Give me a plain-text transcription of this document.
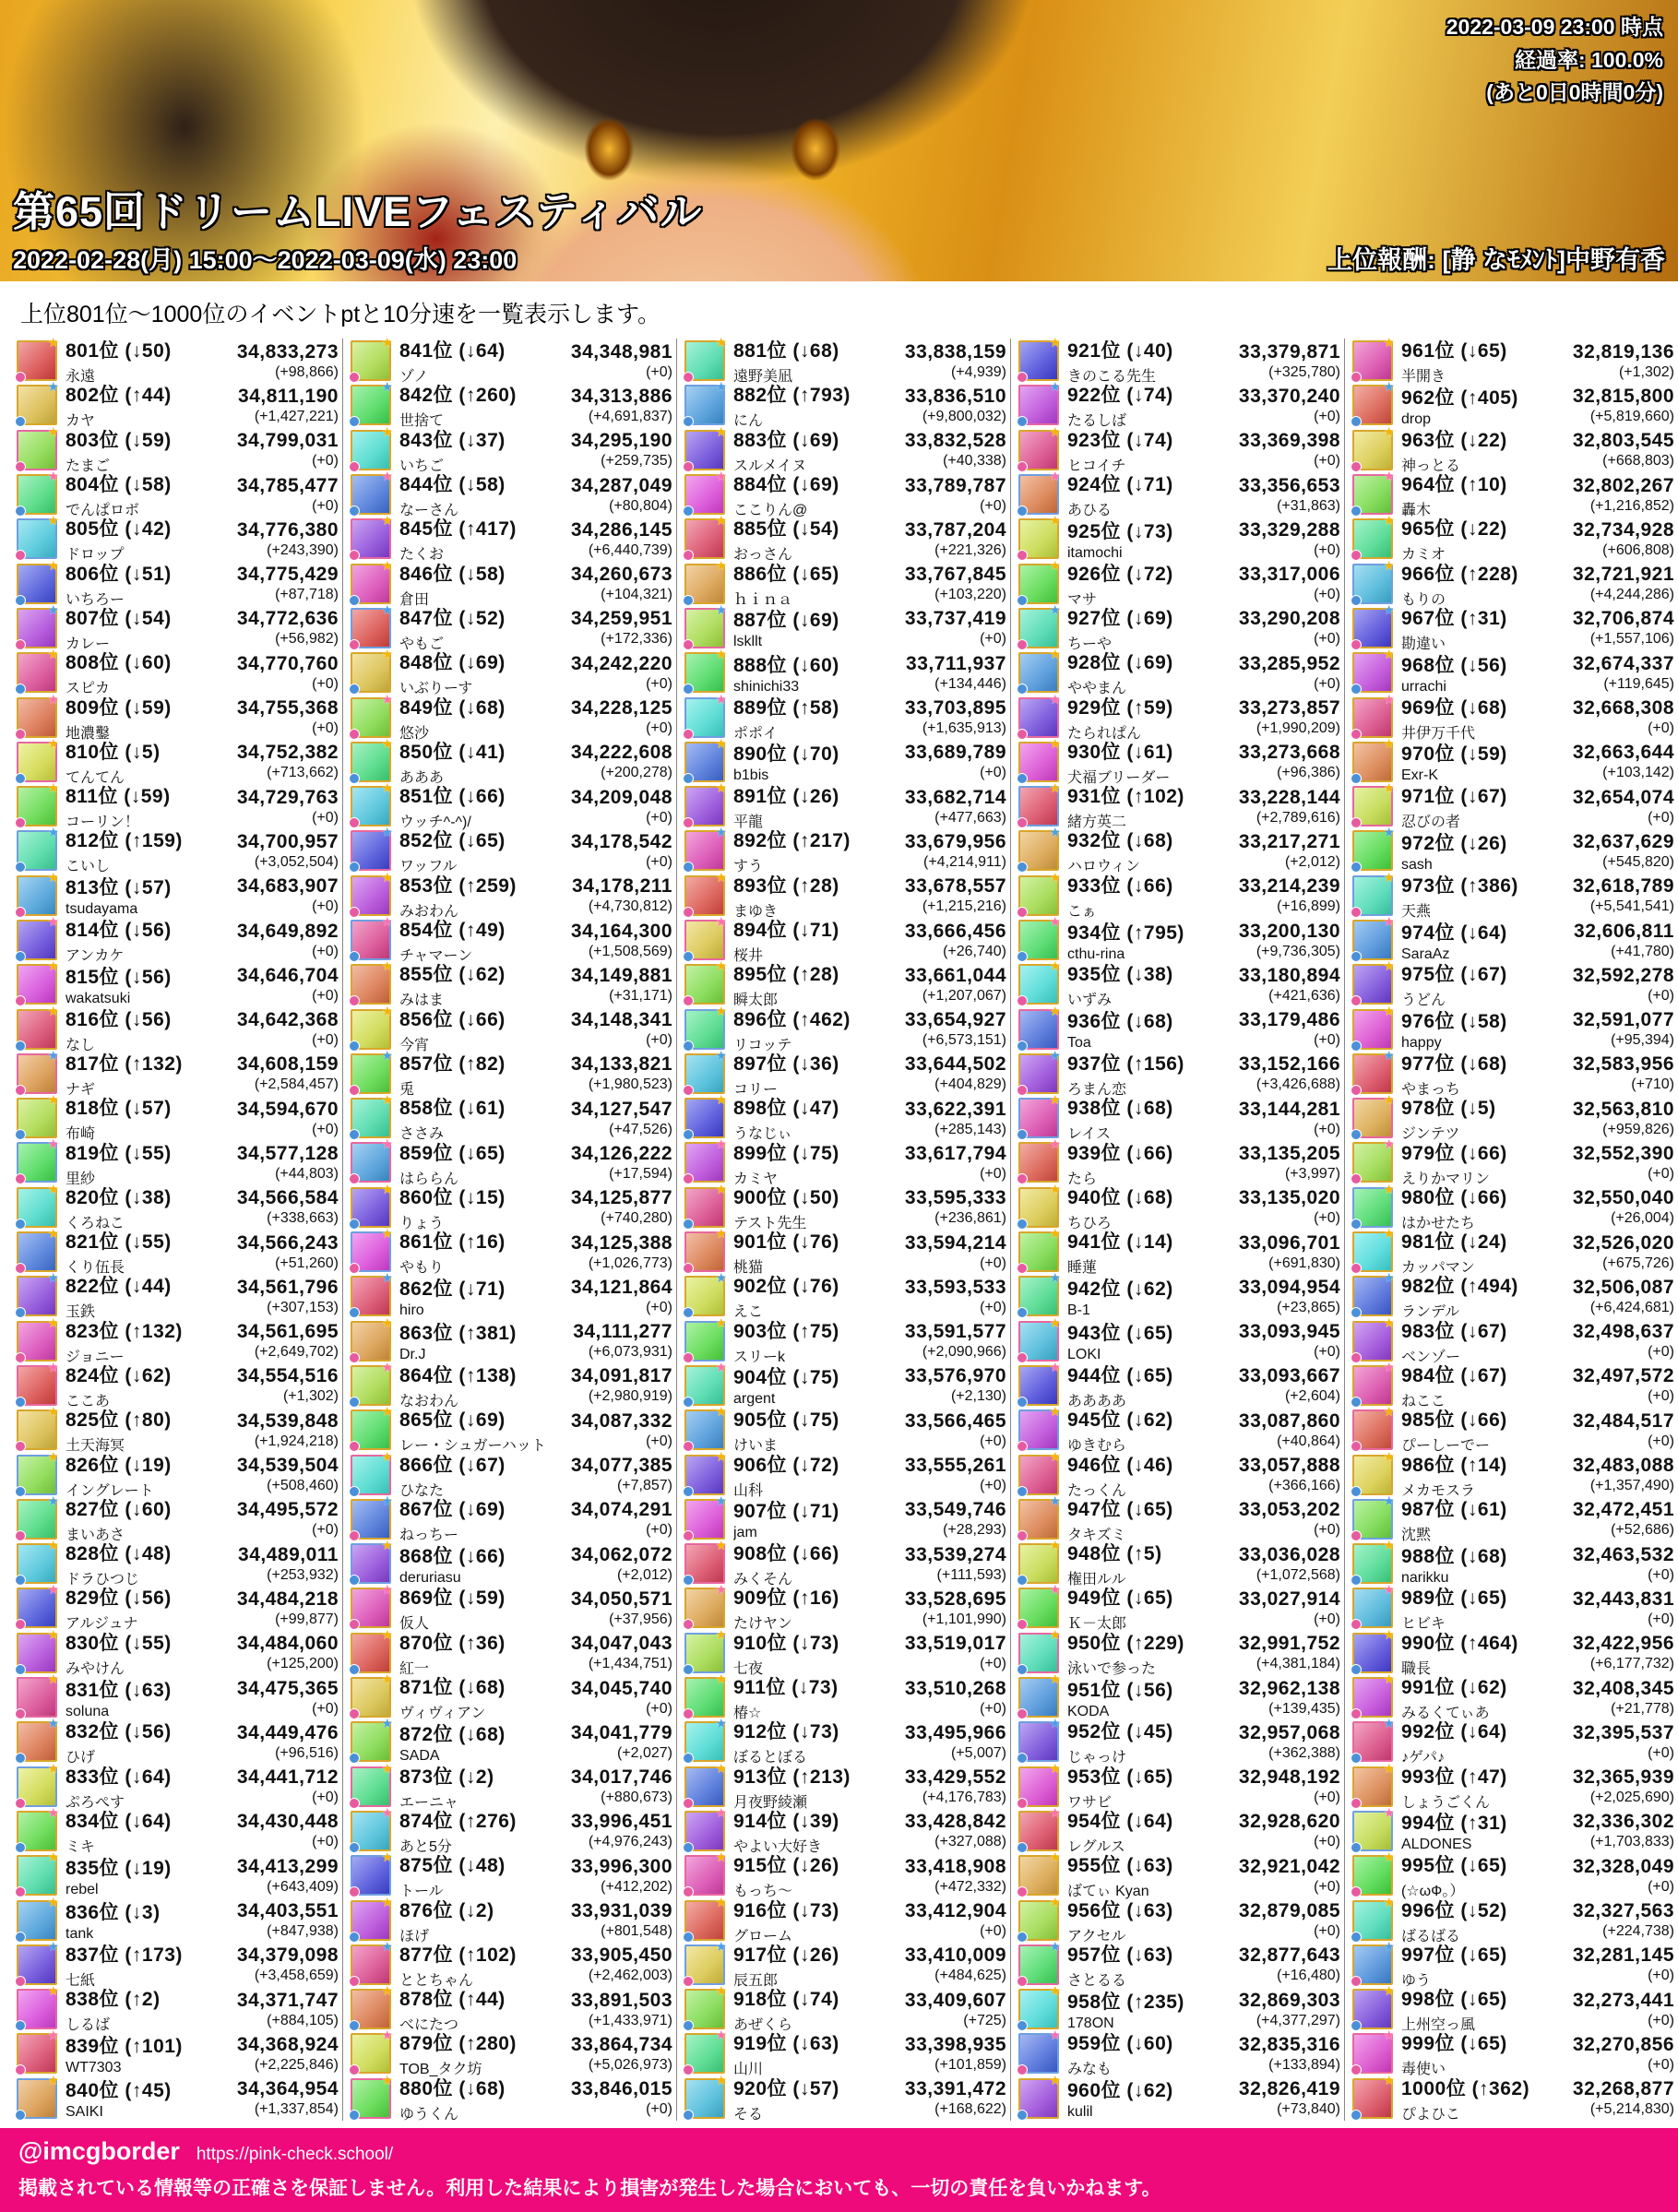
2022-03-09 23:00 時点
経過率: 100.0%
(あと0日0時間0分)
第65回ドリームLIVEフェスティバル
2022-02-28(月) 15:00〜2022-03-09(水) 23:00	上位報酬: [静 なﾓﾒﾝﾄ]中野有香
上位801位〜1000位のイベントptと10分速を一覧表示します。
★ 801位 (↓50)
永遠
34,833,273
(+98,866)
★ 802位 (↑44)
カヤ
34,811,190
(+1,427,221)
★ 803位 (↓59)
たまご
34,799,031
(+0)
★ 804位 (↓58)
でんぱロボ
34,785,477
(+0)
★ 805位 (↓42)
ドロップ
34,776,380
(+243,390)
★ 806位 (↓51)
いちろー
34,775,429
(+87,718)
★ 807位 (↓54)
カレー
34,772,636
(+56,982)
★ 808位 (↓60)
スピカ
34,770,760
(+0)
★ 809位 (↓59)
地濃鑿
34,755,368
(+0)
★ 810位 (↓5)
てんてん
34,752,382
(+713,662)
★ 811位 (↓59)
コーリン！
34,729,763
(+0)
★ 812位 (↑159)
こいし
34,700,957
(+3,052,504)
★
813位 (↓57)
tsudayama
34,683,907
(+0)
★ 814位 (↓56)
アンカケ
34,649,892
(+0)
★
815位 (↓56)
wakatsuki
34,646,704
(+0)
★ 816位 (↓56)
なし
34,642,368
(+0)
★ 817位 (↑132)
ナギ
34,608,159
(+2,584,457)
★ 818位 (↓57)
布崎
34,594,670
(+0)
★ 819位 (↓55)
里紗
34,577,128
(+44,803)
★ 820位 (↓38)
くろねこ
34,566,584
(+338,663)
★ 821位 (↓55)
くり伍長
34,566,243
(+51,260)
★ 822位 (↓44)
玉鉄
34,561,796
(+307,153)
★ 823位 (↑132)
ジョニー
34,561,695
(+2,649,702)
★ 824位 (↓62)
ここあ
34,554,516
(+1,302)
★ 825位 (↑80)
土天海冥
34,539,848
(+1,924,218)
★ 826位 (↓19)
イングレート
34,539,504
(+508,460)
★ 827位 (↓60)
まいあさ
34,495,572
(+0)
★ 828位 (↓48)
ドラひつじ
34,489,011
(+253,932)
★ 829位 (↓56)
アルジュナ
34,484,218
(+99,877)
★ 830位 (↓55)
みやけん
34,484,060
(+125,200)
★
831位 (↓63)
soluna
34,475,365
(+0)
★ 832位 (↓56)
ひげ
34,449,476
(+96,516)
★ 833位 (↓64)
ぷろぺす
34,441,712
(+0)
★ 834位 (↓64)
ミキ
34,430,448
(+0)
★
835位 (↓19)
rebel
34,413,299
(+643,409)
★
836位 (↓3)
tank
34,403,551
(+847,938)
★ 837位 (↑173)
七紙
34,379,098
(+3,458,659)
★ 838位 (↑2)
しるば
34,371,747
(+884,105)
★
839位 (↑101)
WT7303
34,368,924
(+2,225,846)
★
840位 (↑45)
SAIKI
34,364,954
(+1,337,854)
★ 841位 (↓64)
ゾノ
34,348,981
(+0)
★ 842位 (↑260)
世捨て
34,313,886
(+4,691,837)
★ 843位 (↓37)
いちご
34,295,190
(+259,735)
★ 844位 (↓58)
なーさん
34,287,049
(+80,804)
★ 845位 (↑417)
たくお
34,286,145
(+6,440,739)
★ 846位 (↓58)
倉田
34,260,673
(+104,321)
★ 847位 (↓52)
やもご
34,259,951
(+172,336)
★ 848位 (↓69)
いぶりーす
34,242,220
(+0)
★ 849位 (↓68)
悠沙
34,228,125
(+0)
★ 850位 (↓41)
あああ
34,222,608
(+200,278)
★ 851位 (↓66)
ウッチ^-^)/
34,209,048
(+0)
★ 852位 (↓65)
ワッフル
34,178,542
(+0)
★ 853位 (↑259)
みおわん
34,178,211
(+4,730,812)
★ 854位 (↑49)
チャマーン
34,164,300
(+1,508,569)
★ 855位 (↓62)
みはま
34,149,881
(+31,171)
★ 856位 (↓66)
今宵
34,148,341
(+0)
★ 857位 (↑82)
兎
34,133,821
(+1,980,523)
★ 858位 (↓61)
ささみ
34,127,547
(+47,526)
★ 859位 (↓65)
はららん
34,126,222
(+17,594)
★ 860位 (↓15)
りょう
34,125,877
(+740,280)
★ 861位 (↑16)
やもり
34,125,388
(+1,026,773)
★
862位 (↓71)
hiro
34,121,864
(+0)
★
863位 (↑381)
Dr.J
34,111,277
(+6,073,931)
★ 864位 (↑138)
なおわん
34,091,817
(+2,980,919)
★ 865位 (↓69)
レー・シュガーハット
34,087,332
(+0)
★ 866位 (↓67)
ひなた
34,077,385
(+7,857)
★ 867位 (↓69)
ねっちー
34,074,291
(+0)
★
868位 (↓66)
deruriasu
34,062,072
(+2,012)
★ 869位 (↓59)
仮人
34,050,571
(+37,956)
★ 870位 (↑36)
紅一
34,047,043
(+1,434,751)
★ 871位 (↓68)
ヴィヴィアン
34,045,740
(+0)
★
872位 (↓68)
SADA
34,041,779
(+2,027)
★ 873位 (↓2)
エーニャ
34,017,746
(+880,673)
★ 874位 (↑276)
あと5分
33,996,451
(+4,976,243)
★ 875位 (↓48)
トール
33,996,300
(+412,202)
★ 876位 (↓2)
ほげ
33,931,039
(+801,548)
★ 877位 (↑102)
ととちゃん
33,905,450
(+2,462,003)
★ 878位 (↑44)
べにたつ
33,891,503
(+1,433,971)
★ 879位 (↑280)
TOB_タク坊
33,864,734
(+5,026,973)
★ 880位 (↓68)
ゆうくん
33,846,015
(+0)
★ 881位 (↓68)
遠野美凪
33,838,159
(+4,939)
★ 882位 (↑793)
にん
33,836,510
(+9,800,032)
★ 883位 (↓69)
スルメイヌ
33,832,528
(+40,338)
★ 884位 (↓69)
ここりん@
33,789,787
(+0)
★ 885位 (↓54)
おっさん
33,787,204
(+221,326)
★ 886位 (↓65)
ｈｉｎａ
33,767,845
(+103,220)
★
887位 (↓69)
lskllt
33,737,419
(+0)
★
888位 (↓60)
shinichi33
33,711,937
(+134,446)
★ 889位 (↑58)
ポポイ
33,703,895
(+1,635,913)
★
890位 (↓70)
b1bis
33,689,789
(+0)
★ 891位 (↓26)
平龍
33,682,714
(+477,663)
★ 892位 (↑217)
すう
33,679,956
(+4,214,911)
★ 893位 (↑28)
まゆき
33,678,557
(+1,215,216)
★ 894位 (↓71)
桜井
33,666,456
(+26,740)
★ 895位 (↑28)
瞬太郎
33,661,044
(+1,207,067)
★ 896位 (↑462)
リコッテ
33,654,927
(+6,573,151)
★ 897位 (↓36)
コリー
33,644,502
(+404,829)
★ 898位 (↓47)
うなじぃ
33,622,391
(+285,143)
★ 899位 (↓75)
カミヤ
33,617,794
(+0)
★ 900位 (↓50)
テスト先生
33,595,333
(+236,861)
★ 901位 (↓76)
桃猫
33,594,214
(+0)
★ 902位 (↓76)
えこ
33,593,533
(+0)
★ 903位 (↑75)
スリーk
33,591,577
(+2,090,966)
★
904位 (↓75)
argent
33,576,970
(+2,130)
★ 905位 (↓75)
けいま
33,566,465
(+0)
★ 906位 (↓72)
山科
33,555,261
(+0)
★
907位 (↓71)
jam
33,549,746
(+28,293)
★ 908位 (↓66)
みくそん
33,539,274
(+111,593)
★ 909位 (↑16)
たけヤン
33,528,695
(+1,101,990)
★ 910位 (↓73)
七夜
33,519,017
(+0)
★ 911位 (↓73)
椿☆
33,510,268
(+0)
★ 912位 (↓73)
ぼるとぼる
33,495,966
(+5,007)
★ 913位 (↑213)
月夜野綾瀬
33,429,552
(+4,176,783)
★ 914位 (↓39)
やよい大好き
33,428,842
(+327,088)
★ 915位 (↓26)
もっち〜
33,418,908
(+472,332)
★ 916位 (↓73)
グローム
33,412,904
(+0)
★ 917位 (↓26)
辰五郎
33,410,009
(+484,625)
★ 918位 (↓74)
あぜくら
33,409,607
(+725)
★ 919位 (↓63)
山川
33,398,935
(+101,859)
★ 920位 (↓57)
そる
33,391,472
(+168,622)
★ 921位 (↓40)
きのこる先生
33,379,871
(+325,780)
★ 922位 (↓74)
たるしば
33,370,240
(+0)
★ 923位 (↓74)
ヒコイチ
33,369,398
(+0)
★ 924位 (↓71)
あひる
33,356,653
(+31,863)
★
925位 (↓73)
itamochi
33,329,288
(+0)
★ 926位 (↓72)
マサ
33,317,006
(+0)
★ 927位 (↓69)
ちーや
33,290,208
(+0)
★ 928位 (↓69)
ややまん
33,285,952
(+0)
★ 929位 (↑59)
たられぱん
33,273,857
(+1,990,209)
★ 930位 (↓61)
犬福ブリーダー
33,273,668
(+96,386)
★ 931位 (↑102)
緒方英二
33,228,144
(+2,789,616)
★ 932位 (↓68)
ハロウィン
33,217,271
(+2,012)
★ 933位 (↓66)
こぁ
33,214,239
(+16,899)
★
934位 (↑795)
cthu-rina
33,200,130
(+9,736,305)
★ 935位 (↓38)
いずみ
33,180,894
(+421,636)
★
936位 (↓68)
Toa
33,179,486
(+0)
★ 937位 (↑156)
ろまん恋
33,152,166
(+3,426,688)
★ 938位 (↓68)
レイス
33,144,281
(+0)
★ 939位 (↓66)
たら
33,135,205
(+3,997)
★ 940位 (↓68)
ちひろ
33,135,020
(+0)
★ 941位 (↓14)
睡蓮
33,096,701
(+691,830)
★
942位 (↓62)
B-1
33,094,954
(+23,865)
★
943位 (↓65)
LOKI
33,093,945
(+0)
★ 944位 (↓65)
ああああ
33,093,667
(+2,604)
★ 945位 (↓62)
ゆきむら
33,087,860
(+40,864)
★ 946位 (↓46)
たっくん
33,057,888
(+366,166)
★ 947位 (↓65)
タキズミ
33,053,202
(+0)
★ 948位 (↑5)
権田ルル
33,036,028
(+1,072,568)
★ 949位 (↓65)
Ｋ－太郎
33,027,914
(+0)
★ 950位 (↑229)
泳いで参った
32,991,752
(+4,381,184)
★
951位 (↓56)
KODA
32,962,138
(+139,435)
★ 952位 (↓45)
じゃっけ
32,957,068
(+362,388)
★ 953位 (↓65)
ワサビ
32,948,192
(+0)
★ 954位 (↓64)
レグルス
32,928,620
(+0)
★ 955位 (↓63)
ばてぃ Kyan
32,921,042
(+0)
★ 956位 (↓63)
アクセル
32,879,085
(+0)
★ 957位 (↓63)
さとるる
32,877,643
(+16,480)
★
958位 (↑235)
178ON
32,869,303
(+4,377,297)
★ 959位 (↓60)
みなも
32,835,316
(+133,894)
★
960位 (↓62)
kulil
32,826,419
(+73,840)
★ 961位 (↓65)
半開き
32,819,136
(+1,302)
★
962位 (↑405)
drop
32,815,800
(+5,819,660)
★ 963位 (↓22)
神っとる
32,803,545
(+668,803)
★ 964位 (↑10)
轟木
32,802,267
(+1,216,852)
★ 965位 (↓22)
カミオ
32,734,928
(+606,808)
★ 966位 (↑228)
もりの
32,721,921
(+4,244,286)
★ 967位 (↑31)
勘違い
32,706,874
(+1,557,106)
★
968位 (↓56)
urrachi
32,674,337
(+119,645)
★ 969位 (↓68)
井伊万千代
32,668,308
(+0)
★
970位 (↓59)
Exr-K
32,663,644
(+103,142)
★ 971位 (↓67)
忍びの者
32,654,074
(+0)
★
972位 (↓26)
sash
32,637,629
(+545,820)
★ 973位 (↑386)
天燕
32,618,789
(+5,541,541)
★
974位 (↓64)
SaraAz
32,606,811
(+41,780)
★ 975位 (↓67)
うどん
32,592,278
(+0)
★
976位 (↓58)
happy
32,591,077
(+95,394)
★ 977位 (↓68)
やまっち
32,583,956
(+710)
★ 978位 (↓5)
ジンテツ
32,563,810
(+959,826)
★ 979位 (↓66)
えりかマリン
32,552,390
(+0)
★ 980位 (↓66)
はかせたち
32,550,040
(+26,004)
★ 981位 (↓24)
カッパマン
32,526,020
(+675,726)
★ 982位 (↑494)
ランデル
32,506,087
(+6,424,681)
★ 983位 (↓67)
ベンゾー
32,498,637
(+0)
★ 984位 (↓67)
ねここ
32,497,572
(+0)
★ 985位 (↓66)
ぴーしーでー
32,484,517
(+0)
★ 986位 (↑14)
メカモスラ
32,483,088
(+1,357,490)
★ 987位 (↓61)
沈黙
32,472,451
(+52,686)
★
988位 (↓68)
narikku
32,463,532
(+0)
★ 989位 (↓65)
ヒビキ
32,443,831
(+0)
★ 990位 (↑464)
職長
32,422,956
(+6,177,732)
★ 991位 (↓62)
みるくてぃあ
32,408,345
(+21,778)
★ 992位 (↓64)
♪ゲパ♪
32,395,537
(+0)
★ 993位 (↑47)
しょうごくん
32,365,939
(+2,025,690)
★
994位 (↑31)
ALDONES
32,336,302
(+1,703,833)
★ 995位 (↓65)
(☆ωФ。）
32,328,049
(+0)
★ 996位 (↓52)
ばるばる
32,327,563
(+224,738)
★ 997位 (↓65)
ゆう
32,281,145
(+0)
★ 998位 (↓65)
上州空っ風
32,273,441
(+0)
★ 999位 (↓65)
毒使い
32,270,856
(+0)
★ 1000位 (↑362)
ぴよひこ
32,268,877
(+5,214,830)
@imcgborder https://pink-check.school/
掲載されている情報等の正確さを保証しません。利用した結果により損害が発生した場合においても、一切の責任を負いかねます。
